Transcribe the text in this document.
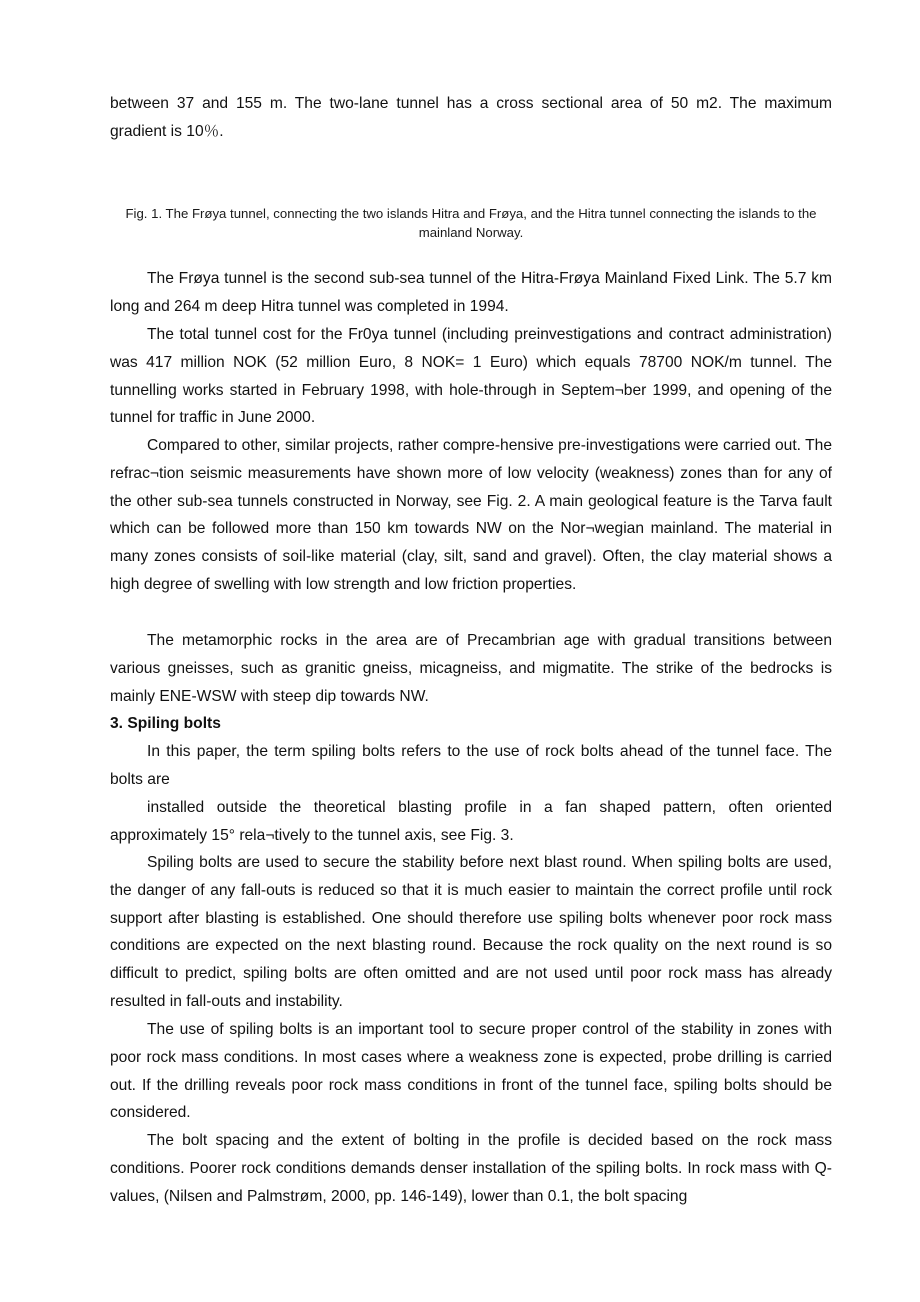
between 37 and 155 m. The two-lane tunnel has a cross sectional area of 50 m2. The maximum gradient is 10％.

Fig. 1. The Frøya tunnel, connecting the two islands Hitra and Frøya, and the Hitra tunnel connecting the islands to the mainland Norway.

The Frøya tunnel is the second sub-sea tunnel of the Hitra-Frøya Mainland Fixed Link. The 5.7 km long and 264 m deep Hitra tunnel was completed in 1994.

The total tunnel cost for the Fr0ya tunnel (including preinvestigations and contract administration) was 417 million NOK (52 million Euro, 8 NOK= 1 Euro) which equals 78700 NOK/m tunnel. The tunnelling works started in February 1998, with hole-through in Septem¬ber 1999, and opening of the tunnel for traffic in June 2000.

Compared to other, similar projects, rather compre-hensive pre-investigations were carried out. The refrac¬tion seismic measurements have shown more of low velocity (weakness) zones than for any of the other sub-sea tunnels constructed in Norway, see Fig. 2. A main geological feature is the Tarva fault which can be followed more than 150 km towards NW on the Nor¬wegian mainland. The material in many zones consists of soil-like material (clay, silt, sand and gravel). Often, the clay material shows a high degree of swelling with low strength and low friction properties.

The metamorphic rocks in the area are of Precambrian age with gradual transitions between various gneisses, such as granitic gneiss, micagneiss, and migmatite. The strike of the bedrocks is mainly ENE-WSW with steep dip towards NW.

3. Spiling bolts

In this paper, the term spiling bolts refers to the use of rock bolts ahead of the tunnel face. The bolts are

installed outside the theoretical blasting profile in a fan shaped pattern, often oriented approximately 15° rela¬tively to the tunnel axis, see Fig. 3.

Spiling bolts are used to secure the stability before next blast round. When spiling bolts are used, the danger of any fall-outs is reduced so that it is much easier to maintain the correct profile until rock support after blasting is established. One should therefore use spiling bolts whenever poor rock mass conditions are expected on the next blasting round. Because the rock quality on the next round is so difficult to predict, spiling bolts are often omitted and are not used until poor rock mass has already resulted in fall-outs and instability.

The use of spiling bolts is an important tool to secure proper control of the stability in zones with poor rock mass conditions. In most cases where a weakness zone is expected, probe drilling is carried out. If the drilling reveals poor rock mass conditions in front of the tunnel face, spiling bolts should be considered.

The bolt spacing and the extent of bolting in the profile is decided based on the rock mass conditions. Poorer rock conditions demands denser installation of the spiling bolts. In rock mass with Q-values, (Nilsen and Palmstrøm, 2000, pp. 146-149), lower than 0.1, the bolt spacing
